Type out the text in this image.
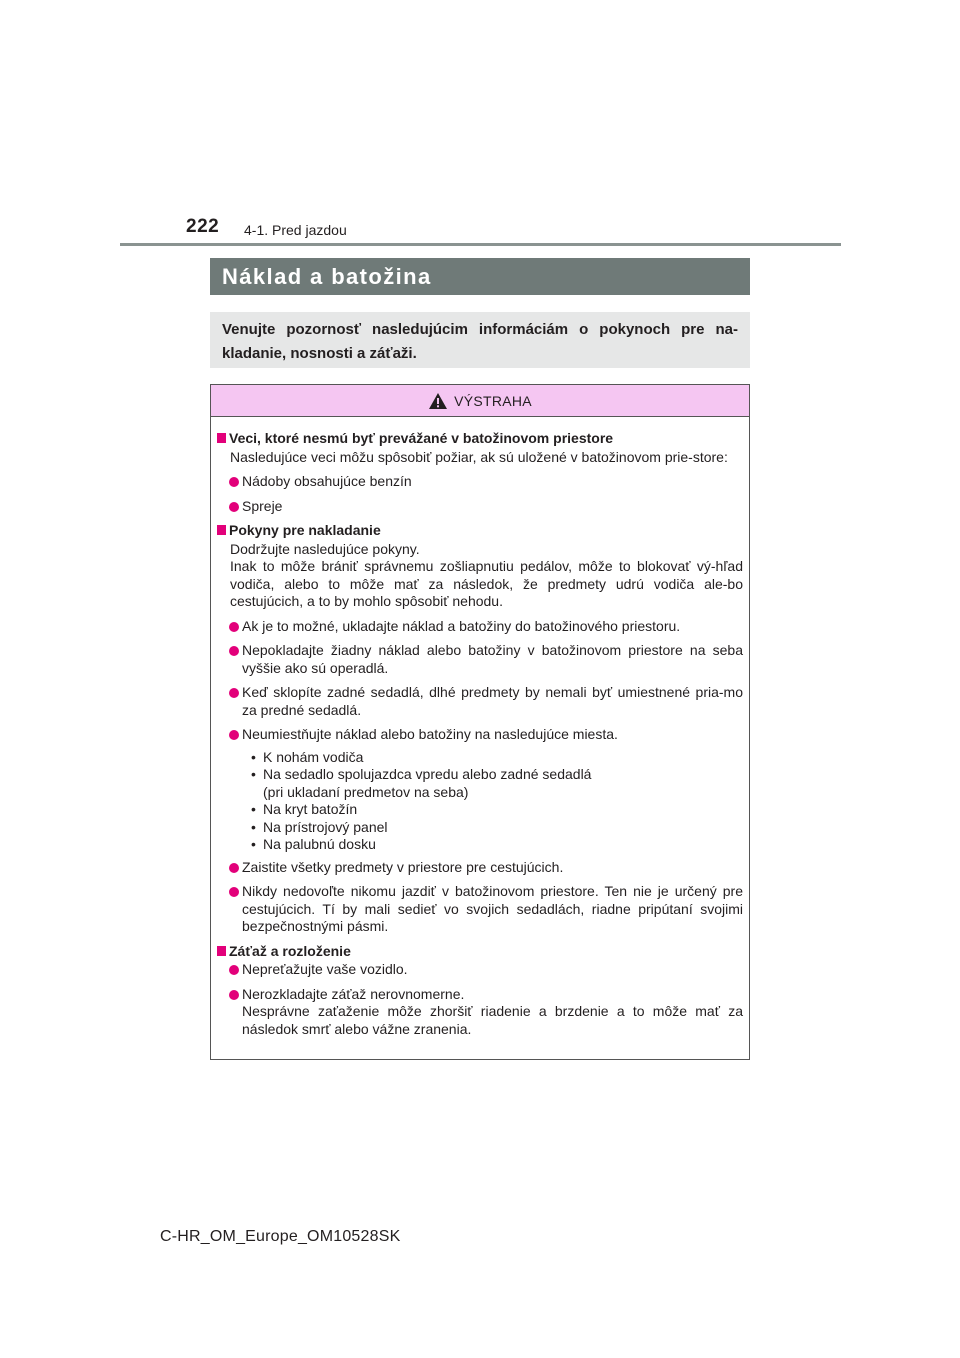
222 4-1. Pred jazdou
Náklad a batožina
Venujte pozornosť nasledujúcim informáciám o pokynoch pre na-kladanie, nosnosti a záťaži.
VÝSTRAHA
Veci, ktoré nesmú byť prevážané v batožinovom priestore
Nasledujúce veci môžu spôsobiť požiar, ak sú uložené v batožinovom prie-store:
Nádoby obsahujúce benzín
Spreje
Pokyny pre nakladanie
Dodržujte nasledujúce pokyny.
Inak to môže brániť správnemu zošliapnutiu pedálov, môže to blokovať vý-hľad vodiča, alebo to môže mať za následok, že predmety udrú vodiča ale-bo cestujúcich, a to by mohlo spôsobiť nehodu.
Ak je to možné, ukladajte náklad a batožiny do batožinového priestoru.
Nepokladajte žiadny náklad alebo batožiny v batožinovom priestore na seba vyššie ako sú operadlá.
Keď sklopíte zadné sedadlá, dlhé predmety by nemali byť umiestnené pria-mo za predné sedadlá.
Neumiestňujte náklad alebo batožiny na nasledujúce miesta.
• K nohám vodiča
• Na sedadlo spolujazdca vpredu alebo zadné sedadlá
(pri ukladaní predmetov na seba)
• Na kryt batožín
• Na prístrojový panel
• Na palubnú dosku
Zaistite všetky predmety v priestore pre cestujúcich.
Nikdy nedovoľte nikomu jazdiť v batožinovom priestore. Ten nie je určený pre cestujúcich. Tí by mali sedieť vo svojich sedadlách, riadne pripútaní svojimi bezpečnostnými pásmi.
Záťaž a rozloženie
Nepreťažujte vaše vozidlo.
Nerozkladajte záťaž nerovnomerne.
Nesprávne zaťaženie môže zhoršiť riadenie a brzdenie a to môže mať za následok smrť alebo vážne zranenia.
C-HR_OM_Europe_OM10528SK
